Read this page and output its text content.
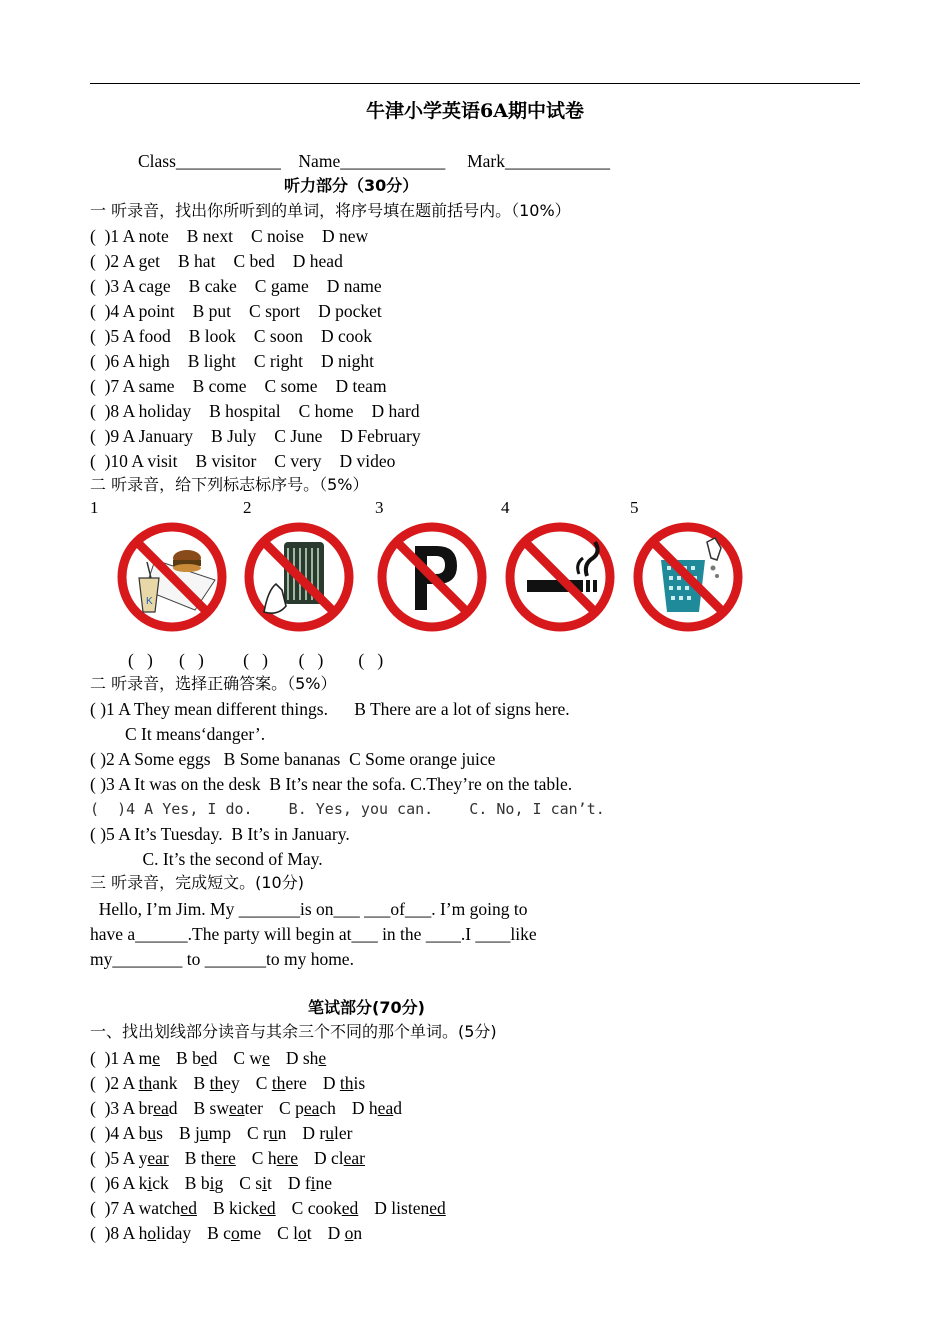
牛津小学英语6A期中试卷
Class____________    Name____________     Mark____________
听力部分（30分）
一 听录音，找出你所听到的单词，将序号填在题前括号内。（10%）
(  )1 A note B next C noise D new
(  )2 A get B hat C bed D head
(  )3 A cage B cake C game D name
(  )4 A point B put C sport D pocket
(  )5 A food B look C soon D cook
(  )6 A high B light C right D night
(  )7 A same B come C some D team
(  )8 A holiday B hospital C home D hard
(  )9 A January B July C June D February
(  )10 A visit B visitor C very D video
二 听录音，给下列标志标序号。（5%）
1	2	3	4	5
K
(   )      (   )         (   )       (   )        (   )
二 听录音，选择正确答案。（5%）
( )1 A They mean different things.      B There are a lot of signs here.
C It means‘danger’.
( )2 A Some eggs   B Some bananas  C Some orange juice
( )3 A It was on the desk  B It’s near the sofa. C.They’re on the table.
(  )4 A Yes, I do.    B. Yes, you can.    C. No, I can’t.
( )5 A It’s Tuesday.  B It’s in January.
C. It’s the second of May.
三 听录音，完成短文。(10分)
Hello, I’m Jim. My _______is on___ ___of___. I’m going to
have a______.The party will begin at___ in the ____.I ____like
my________ to _______to my home.
笔试部分(70分)
一、找出划线部分读音与其余三个不同的那个单词。(5分)
(  )1 A me B bed C we D she
(  )2 A thank B they C there D this
(  )3 A bread B sweater C peach D head
(  )4 A bus B jump C run D ruler
(  )5 A year B there C here D clear
(  )6 A kick B big C sit D fine
(  )7 A watched B kicked C cooked D listened
(  )8 A holiday B come C lot D on
